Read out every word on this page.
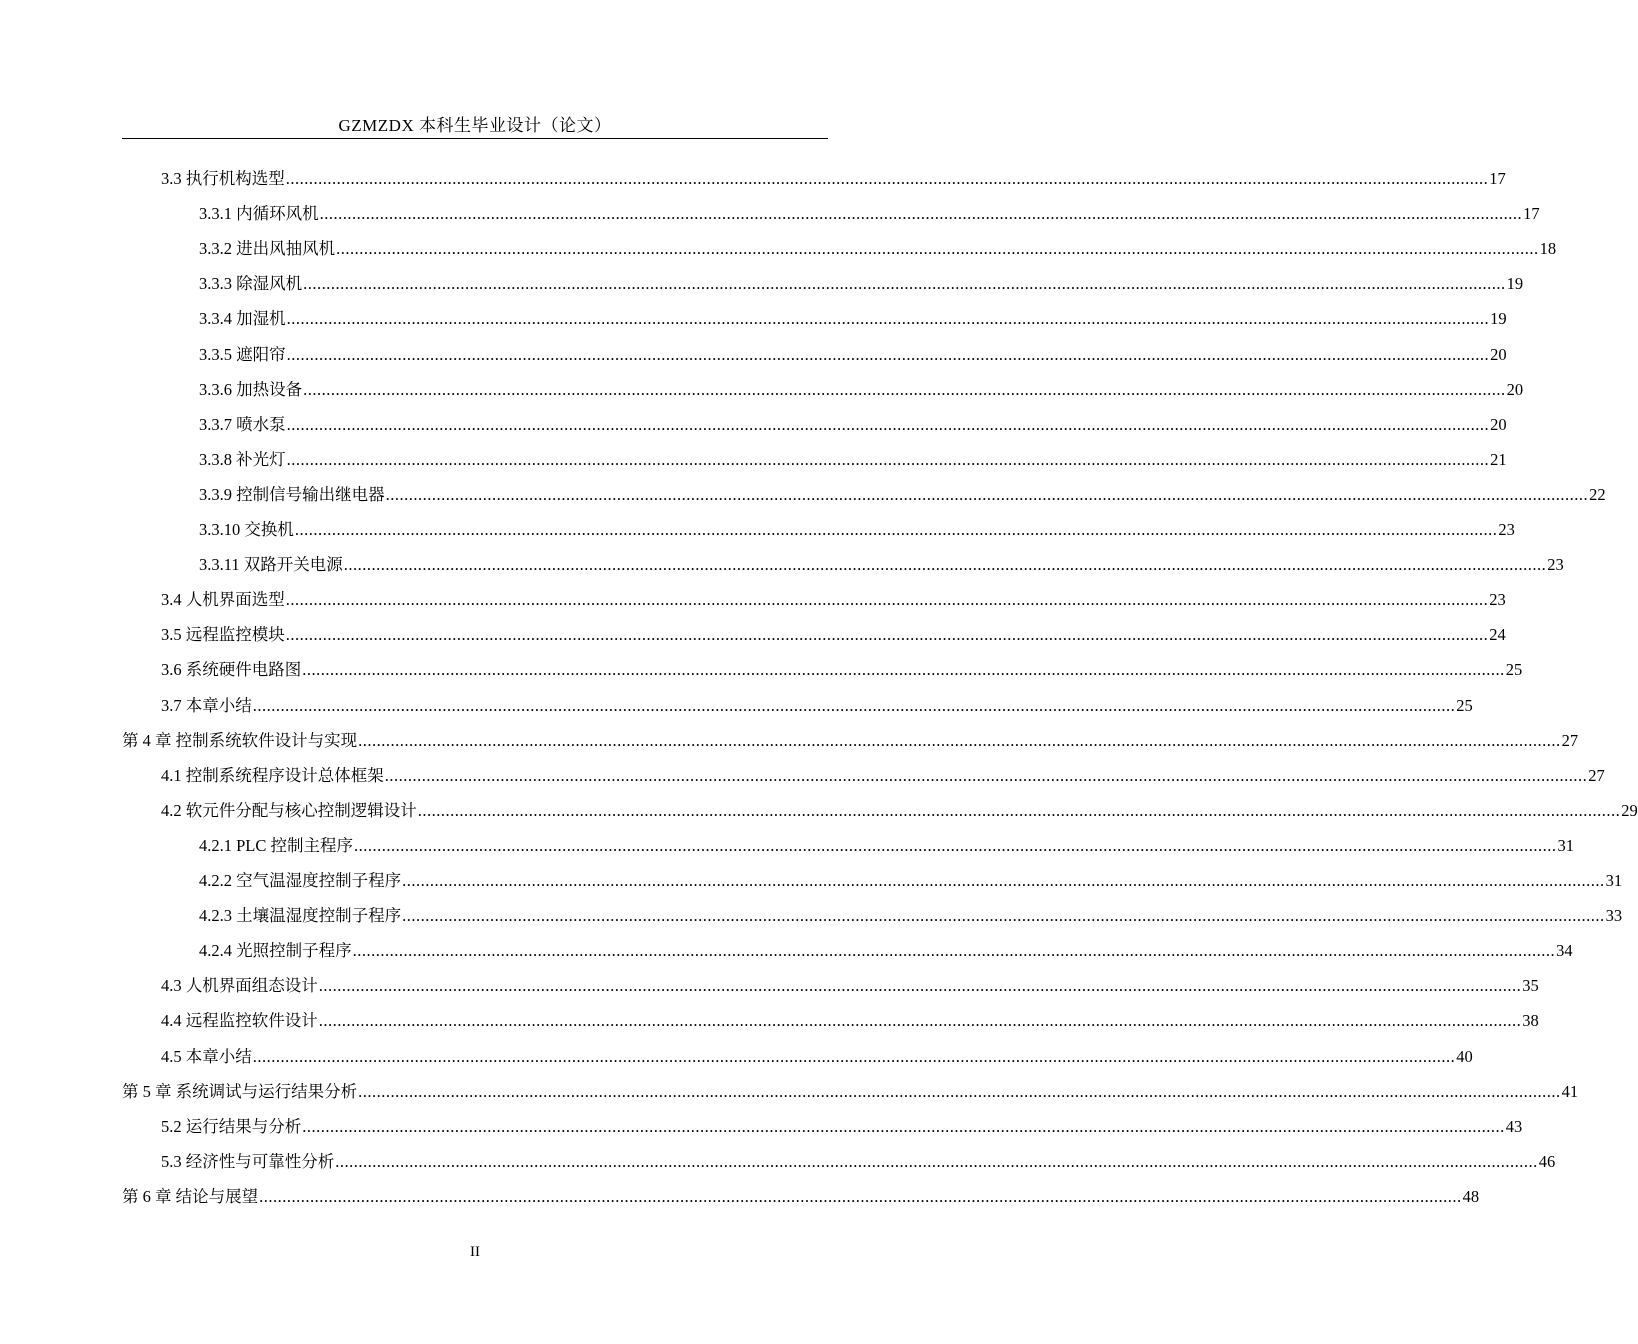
GZMZDX 本科生毕业设计（论文）
3.3 执行机构选型 .................................................................................................................................................................................................................................................................... 17
3.3.1 内循环风机 .................................................................................................................................................................................................................................................................... 17
3.3.2 进出风抽风机 .................................................................................................................................................................................................................................................................... 18
3.3.3 除湿风机 .................................................................................................................................................................................................................................................................... 19
3.3.4 加湿机 .................................................................................................................................................................................................................................................................... 19
3.3.5 遮阳帘 .................................................................................................................................................................................................................................................................... 20
3.3.6 加热设备 .................................................................................................................................................................................................................................................................... 20
3.3.7 喷水泵 .................................................................................................................................................................................................................................................................... 20
3.3.8 补光灯 .................................................................................................................................................................................................................................................................... 21
3.3.9 控制信号输出继电器 .................................................................................................................................................................................................................................................................... 22
3.3.10 交换机 .................................................................................................................................................................................................................................................................... 23
3.3.11 双路开关电源 .................................................................................................................................................................................................................................................................... 23
3.4 人机界面选型 .................................................................................................................................................................................................................................................................... 23
3.5 远程监控模块 .................................................................................................................................................................................................................................................................... 24
3.6 系统硬件电路图 .................................................................................................................................................................................................................................................................... 25
3.7 本章小结 .................................................................................................................................................................................................................................................................... 25
第 4 章 控制系统软件设计与实现 .................................................................................................................................................................................................................................................................... 27
4.1 控制系统程序设计总体框架 .................................................................................................................................................................................................................................................................... 27
4.2 软元件分配与核心控制逻辑设计 .................................................................................................................................................................................................................................................................... 29
4.2.1 PLC 控制主程序 .................................................................................................................................................................................................................................................................... 31
4.2.2 空气温湿度控制子程序 .................................................................................................................................................................................................................................................................... 31
4.2.3 土壤温湿度控制子程序 .................................................................................................................................................................................................................................................................... 33
4.2.4 光照控制子程序 .................................................................................................................................................................................................................................................................... 34
4.3 人机界面组态设计 .................................................................................................................................................................................................................................................................... 35
4.4 远程监控软件设计 .................................................................................................................................................................................................................................................................... 38
4.5 本章小结 .................................................................................................................................................................................................................................................................... 40
第 5 章 系统调试与运行结果分析 .................................................................................................................................................................................................................................................................... 41
5.2 运行结果与分析 .................................................................................................................................................................................................................................................................... 43
5.3 经济性与可靠性分析 .................................................................................................................................................................................................................................................................... 46
第 6 章 结论与展望 .................................................................................................................................................................................................................................................................... 48
II
